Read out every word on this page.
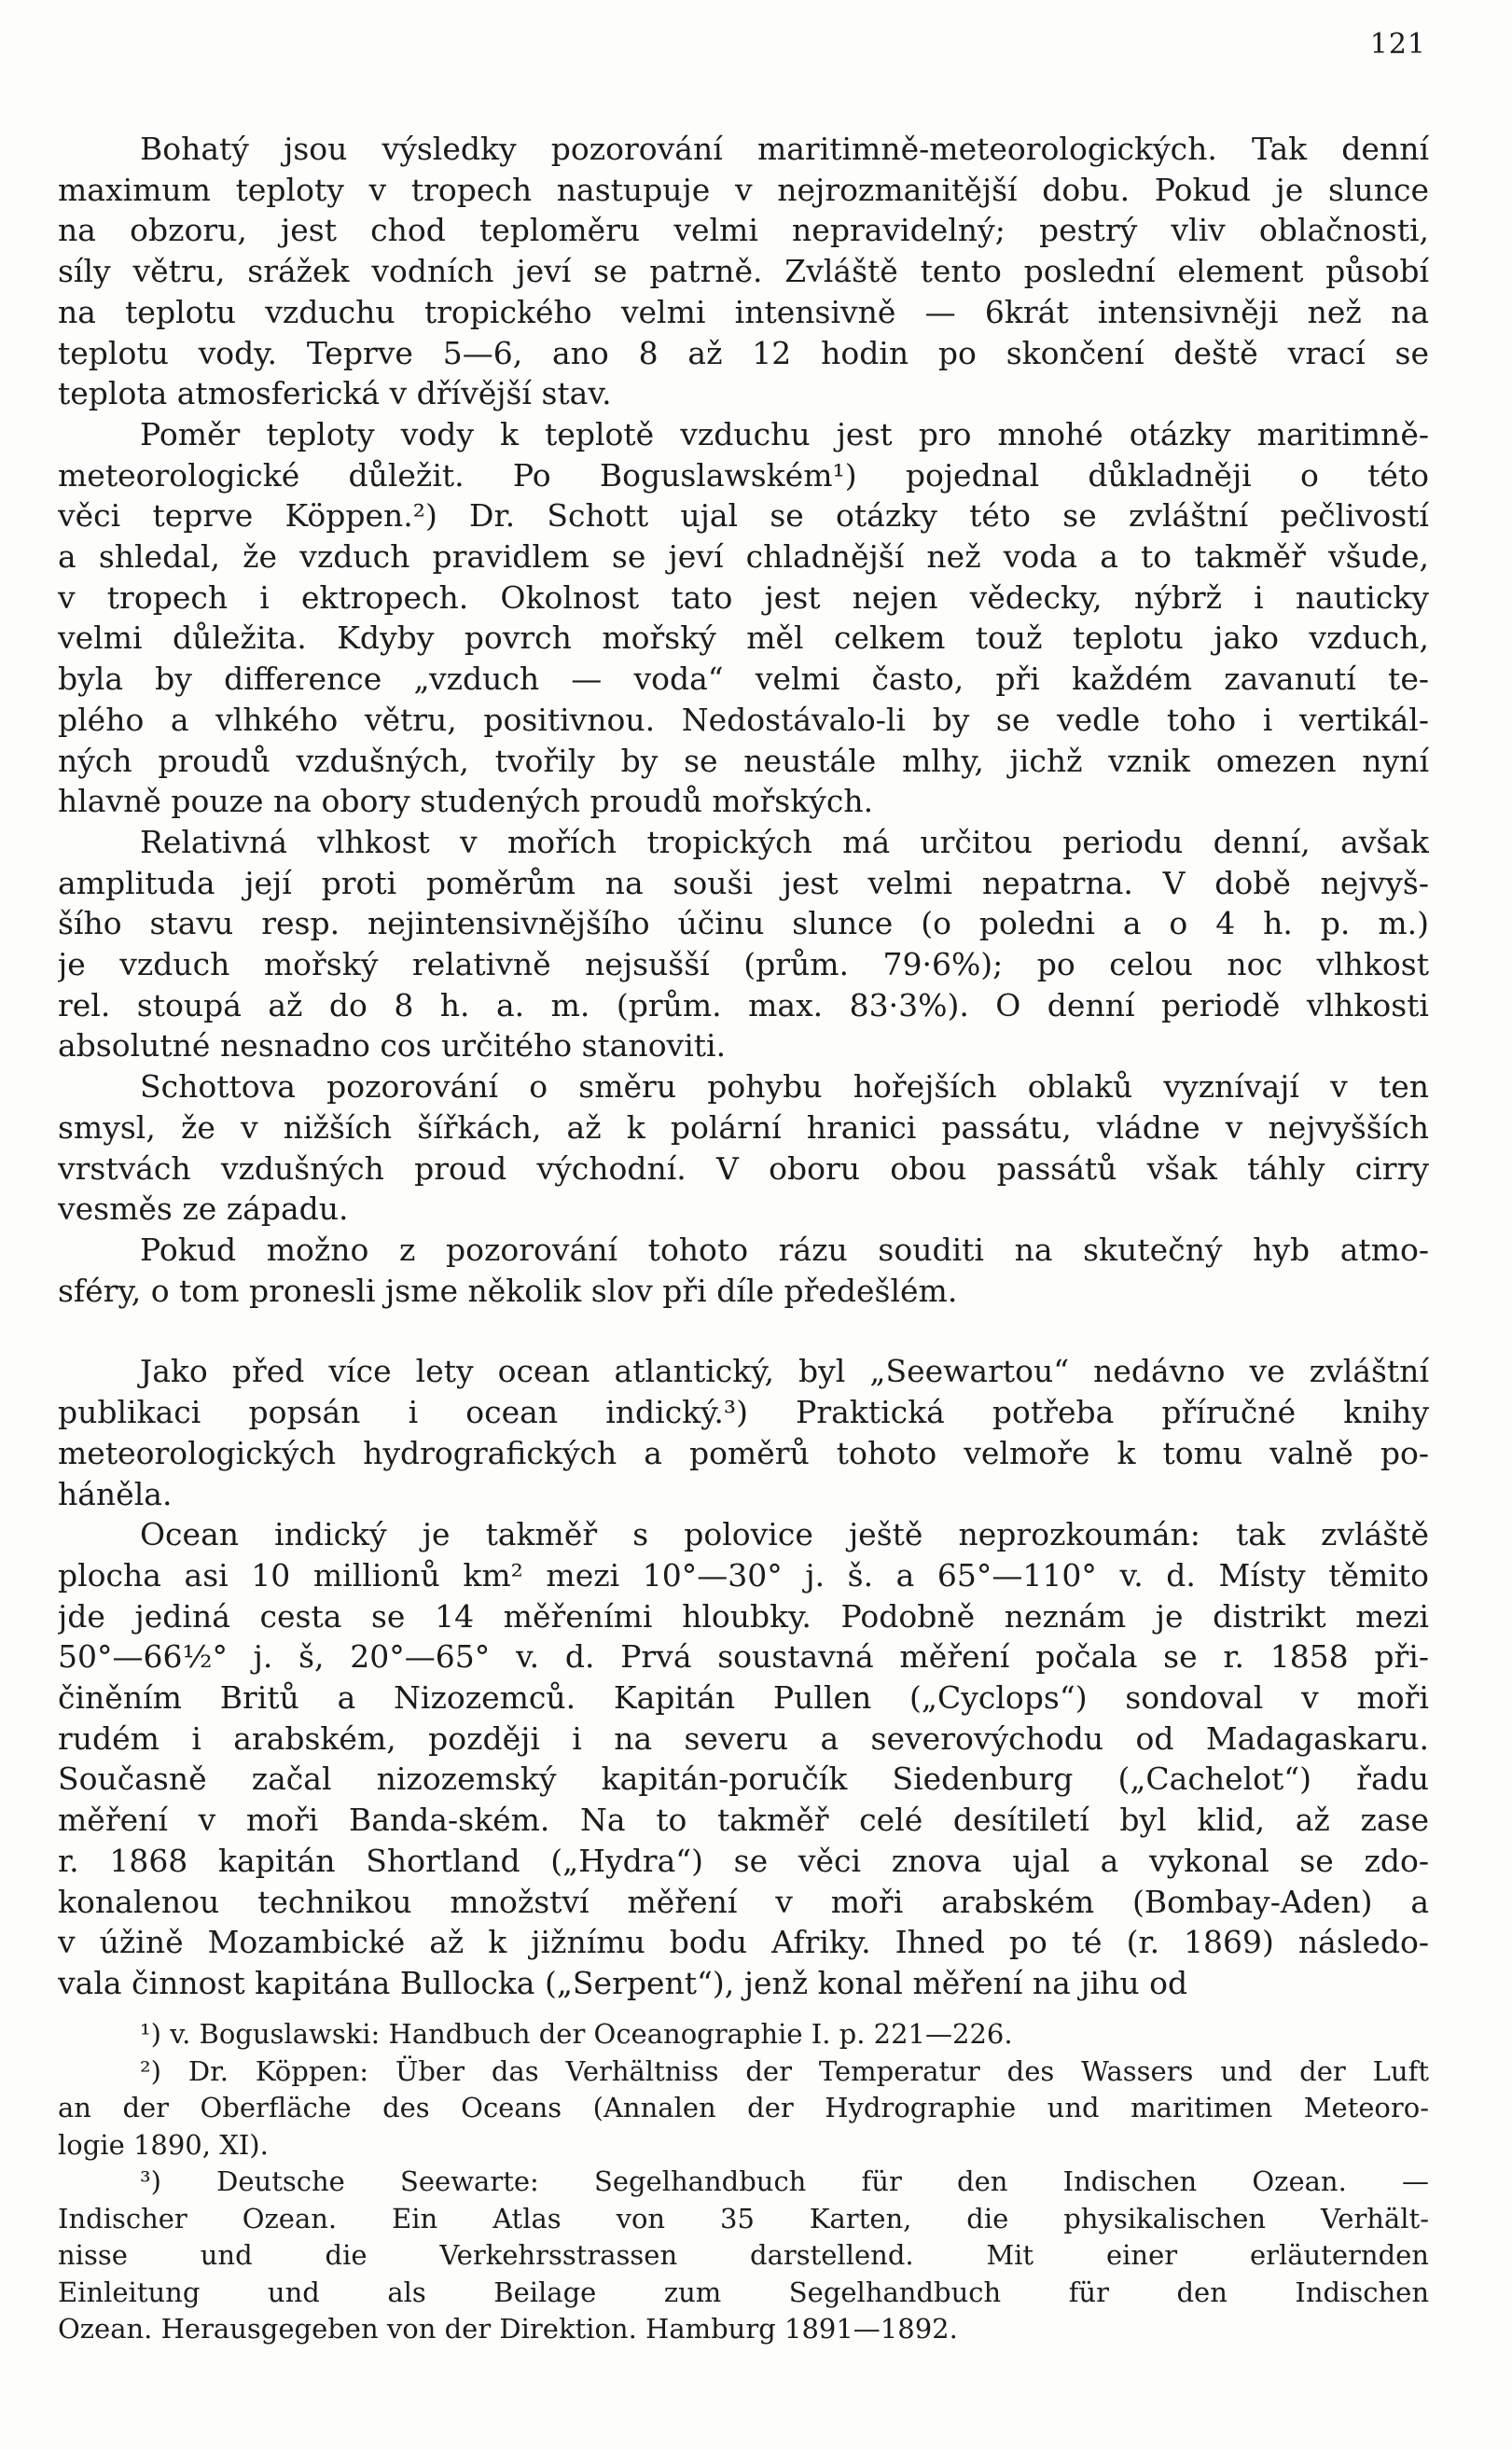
121
Bohatý jsou výsledky pozorování maritimně-meteorologických. Tak denní
maximum teploty v tropech nastupuje v nejrozmanitější dobu. Pokud je slunce
na obzoru, jest chod teploměru velmi nepravidelný; pestrý vliv oblačnosti,
síly větru, srážek vodních jeví se patrně. Zvláště tento poslední element působí
na teplotu vzduchu tropického velmi intensivně — 6krát intensivněji než na
teplotu vody. Teprve 5—6, ano 8 až 12 hodin po skončení deště vrací se
teplota atmosferická v dřívější stav.
Poměr teploty vody k teplotě vzduchu jest pro mnohé otázky maritimně-
meteorologické důležit. Po Boguslawském¹) pojednal důkladněji o této
věci teprve Köppen.²) Dr. Schott ujal se otázky této se zvláštní pečlivostí
a shledal, že vzduch pravidlem se jeví chladnější než voda a to takměř všude,
v tropech i ektropech. Okolnost tato jest nejen vědecky, nýbrž i nauticky
velmi důležita. Kdyby povrch mořský měl celkem touž teplotu jako vzduch,
byla by difference „vzduch — voda“ velmi často, při každém zavanutí te-
plého a vlhkého větru, positivnou. Nedostávalo-li by se vedle toho i vertikál-
ných proudů vzdušných, tvořily by se neustále mlhy, jichž vznik omezen nyní
hlavně pouze na obory studených proudů mořských.
Relativná vlhkost v mořích tropických má určitou periodu denní, avšak
amplituda její proti poměrům na souši jest velmi nepatrna. V době nejvyš-
šího stavu resp. nejintensivnějšího účinu slunce (o poledni a o 4 h. p. m.)
je vzduch mořský relativně nejsušší (prům. 79·6%); po celou noc vlhkost
rel. stoupá až do 8 h. a. m. (prům. max. 83·3%). O denní periodě vlhkosti
absolutné nesnadno cos určitého stanoviti.
Schottova pozorování o směru pohybu hořejších oblaků vyznívají v ten
smysl, že v nižších šířkách, až k polární hranici passátu, vládne v nejvyšších
vrstvách vzdušných proud východní. V oboru obou passátů však táhly cirry
vesměs ze západu.
Pokud možno z pozorování tohoto rázu souditi na skutečný hyb atmo-
sféry, o tom pronesli jsme několik slov při díle předešlém.
Jako před více lety ocean atlantický, byl „Seewartou“ nedávno ve zvláštní
publikaci popsán i ocean indický.³) Praktická potřeba příručné knihy
meteorologických hydrografických a poměrů tohoto velmoře k tomu valně po-
háněla.
Ocean indický je takměř s polovice ještě neprozkoumán: tak zvláště
plocha asi 10 millionů km² mezi 10°—30° j. š. a 65°—110° v. d. Místy těmito
jde jediná cesta se 14 měřeními hloubky. Podobně neznám je distrikt mezi
50°—66½° j. š, 20°—65° v. d. Prvá soustavná měření počala se r. 1858 při-
činěním Britů a Nizozemců. Kapitán Pullen („Cyclops“) sondoval v moři
rudém i arabském, později i na severu a severovýchodu od Madagaskaru.
Současně začal nizozemský kapitán-poručík Siedenburg („Cachelot“) řadu
měření v moři Banda-ském. Na to takměř celé desítiletí byl klid, až zase
r. 1868 kapitán Shortland („Hydra“) se věci znova ujal a vykonal se zdo-
konalenou technikou množství měření v moři arabském (Bombay-Aden) a
v úžině Mozambické až k jižnímu bodu Afriky. Ihned po té (r. 1869) následo-
vala činnost kapitána Bullocka („Serpent“), jenž konal měření na jihu od
¹) v. Boguslawski: Handbuch der Oceanographie I. p. 221—226.
²) Dr. Köppen: Über das Verhältniss der Temperatur des Wassers und der Luft
an der Oberfläche des Oceans (Annalen der Hydrographie und maritimen Meteoro-
logie 1890, XI).
³) Deutsche Seewarte: Segelhandbuch für den Indischen Ozean. —
Indischer Ozean. Ein Atlas von 35 Karten, die physikalischen Verhält-
nisse und die Verkehrsstrassen darstellend. Mit einer erläuternden
Einleitung und als Beilage zum Segelhandbuch für den Indischen
Ozean. Herausgegeben von der Direktion. Hamburg 1891—1892.
